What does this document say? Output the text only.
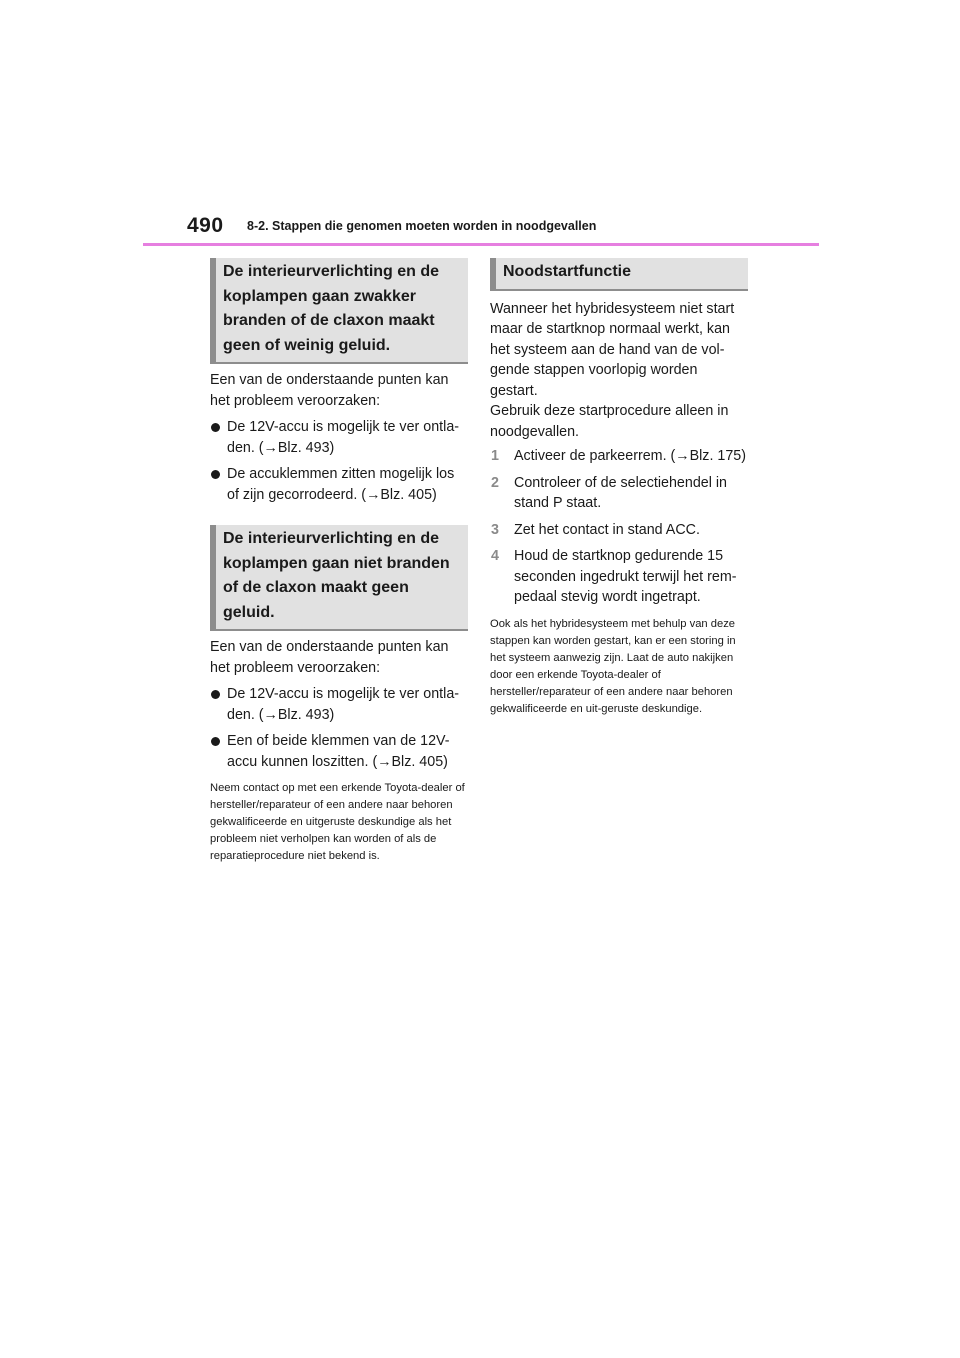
490 8-2. Stappen die genomen moeten worden in noodgevallen
De interieurverlichting en de koplampen gaan zwakker branden of de claxon maakt geen of weinig geluid.

Een van de onderstaande punten kan het probleem veroorzaken:

De 12V-accu is mogelijk te ver ontla-den. (→Blz. 493)
De accuklemmen zitten mogelijk los of zijn gecorrodeerd. (→Blz. 405)
De interieurverlichting en de koplampen gaan niet branden of de claxon maakt geen geluid.

Een van de onderstaande punten kan het probleem veroorzaken:

De 12V-accu is mogelijk te ver ontla-den. (→Blz. 493)
Een of beide klemmen van de 12V-accu kunnen loszitten. (→Blz. 405)

Neem contact op met een erkende Toyota-dealer of hersteller/reparateur of een andere naar behoren gekwalificeerde en uitgeruste deskundige als het probleem niet verholpen kan worden of als de reparatieprocedure niet bekend is.

Noodstartfunctie

Wanneer het hybridesysteem niet start maar de startknop normaal werkt, kan het systeem aan de hand van de vol-gende stappen voorlopig worden gestart.

Gebruik deze startprocedure alleen in noodgevallen.

1 Activeer de parkeerrem. (→Blz. 175)
2 Controleer of de selectiehendel in stand P staat.
3 Zet het contact in stand ACC.
4 Houd de startknop gedurende 15 seconden ingedrukt terwijl het rem-pedaal stevig wordt ingetrapt.

Ook als het hybridesysteem met behulp van deze stappen kan worden gestart, kan er een storing in het systeem aanwezig zijn. Laat de auto nakijken door een erkende Toyota-dealer of hersteller/reparateur of een andere naar behoren gekwalificeerde en uit-geruste deskundige.
